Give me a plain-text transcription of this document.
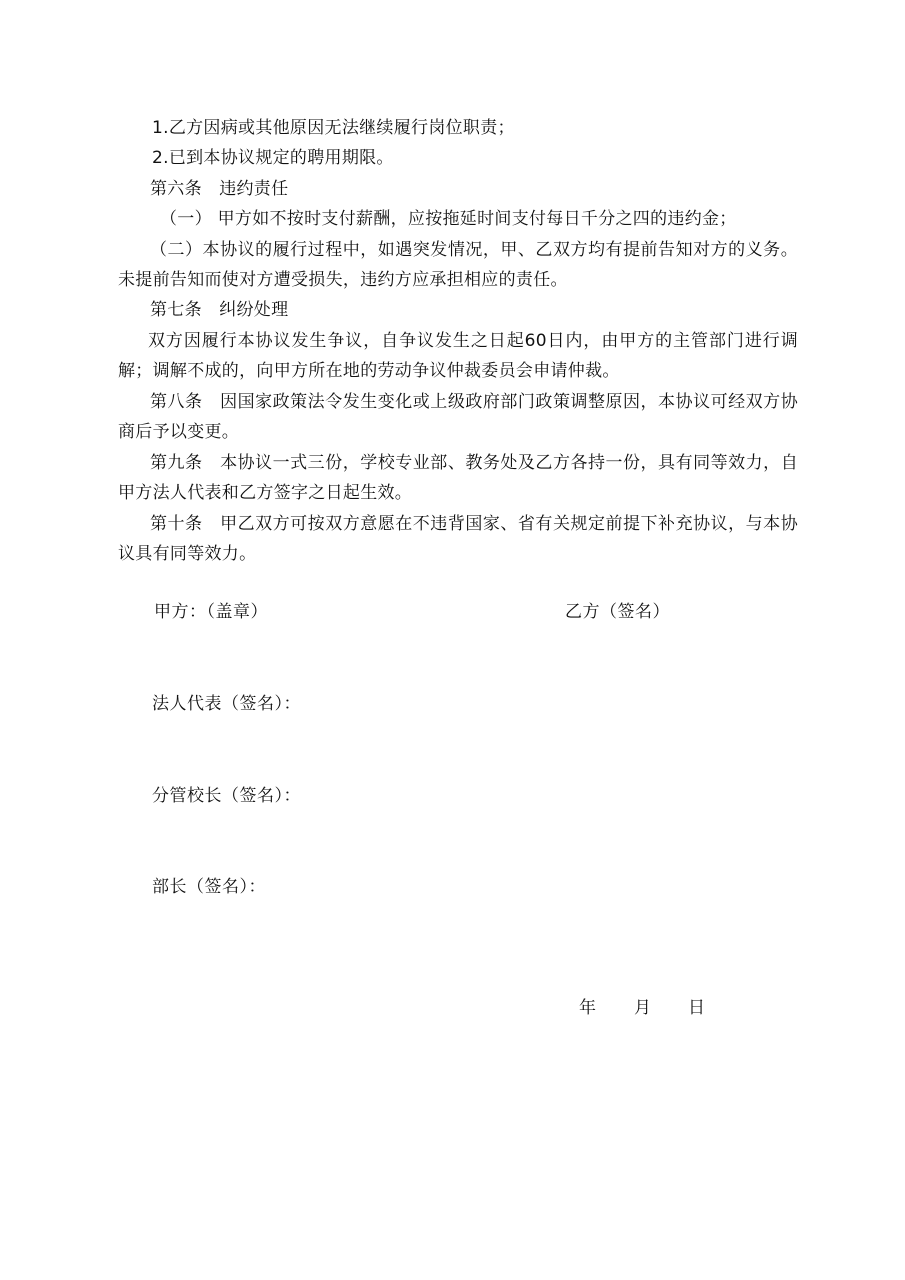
1.乙方因病或其他原因无法继续履行岗位职责；
2.已到本协议规定的聘用期限。
第六条　违约责任
（一） 甲方如不按时支付薪酬，应按拖延时间支付每日千分之四的违约金；
（二）本协议的履行过程中，如遇突发情况，甲、乙双方均有提前告知对方的义务。未提前告知而使对方遭受损失，违约方应承担相应的责任。
第七条　纠纷处理
双方因履行本协议发生争议，自争议发生之日起60日内，由甲方的主管部门进行调解；调解不成的，向甲方所在地的劳动争议仲裁委员会申请仲裁。
第八条　因国家政策法令发生变化或上级政府部门政策调整原因，本协议可经双方协商后予以变更。
第九条　本协议一式三份，学校专业部、教务处及乙方各持一份，具有同等效力，自甲方法人代表和乙方签字之日起生效。
第十条　甲乙双方可按双方意愿在不违背国家、省有关规定前提下补充协议，与本协议具有同等效力。
甲方：（盖章）	乙方（签名）
法人代表（签名）：
分管校长（签名）：
部长（签名）：
年 月 日
